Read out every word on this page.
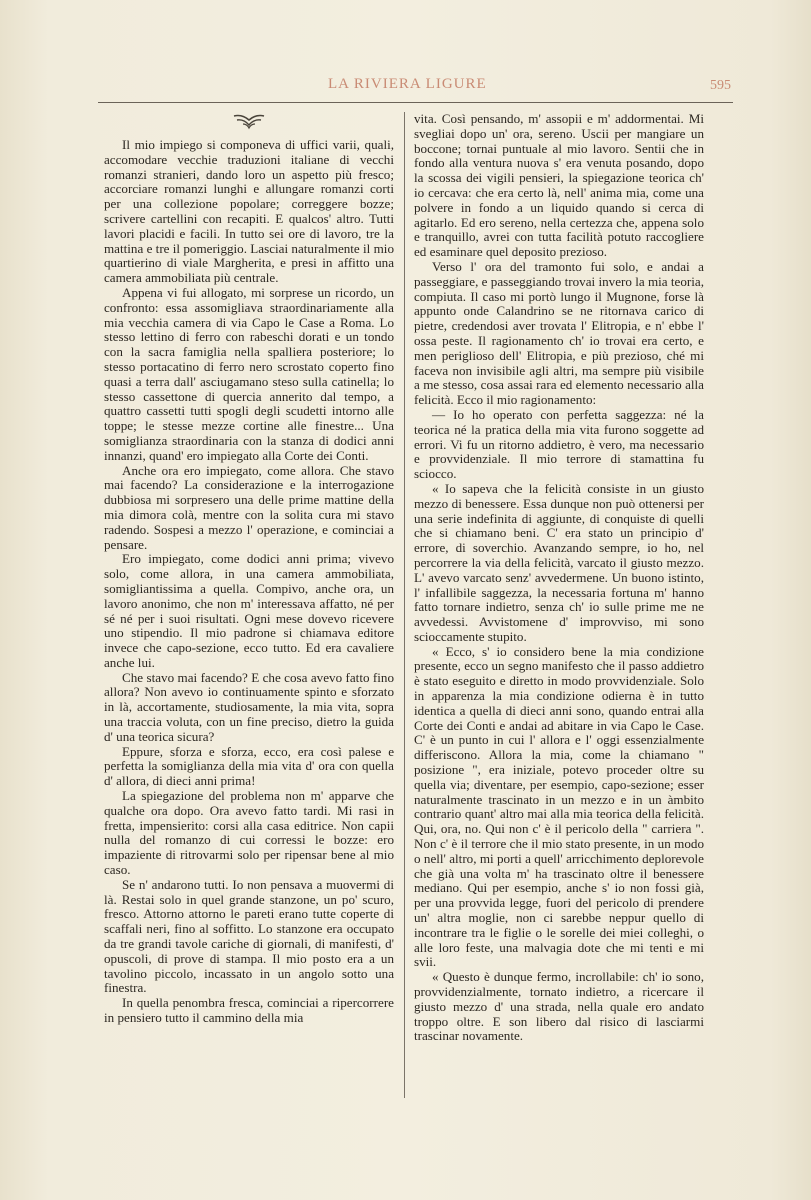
LA RIVIERA LIGURE	595

Il mio impiego si componeva di uffici varii, quali, accomodare vecchie traduzioni italiane di vecchi romanzi stranieri, dando loro un aspetto più fresco; accorciare romanzi lunghi e allungare romanzi corti per una collezione popolare; correggere bozze; scrivere cartellini con recapiti. E qualcos' altro. Tutti lavori placidi e facili. In tutto sei ore di lavoro, tre la mattina e tre il pomeriggio. Lasciai naturalmente il mio quartierino di viale Margherita, e presi in affitto una camera ammobiliata più centrale.

Appena vi fui allogato, mi sorprese un ricordo, un confronto: essa assomigliava straordinariamente alla mia vecchia camera di via Capo le Case a Roma. Lo stesso lettino di ferro con rabeschi dorati e un tondo con la sacra famiglia nella spalliera posteriore; lo stesso portacatino di ferro nero scrostato coperto fino quasi a terra dall' asciugamano steso sulla catinella; lo stesso cassettone di quercia annerito dal tempo, a quattro cassetti tutti spogli degli scudetti intorno alle toppe; le stesse mezze cortine alle finestre... Una somiglianza straordinaria con la stanza di dodici anni innanzi, quand' ero impiegato alla Corte dei Conti.

Anche ora ero impiegato, come allora. Che stavo mai facendo? La considerazione e la interrogazione dubbiosa mi sorpresero una delle prime mattine della mia dimora colà, mentre con la solita cura mi stavo radendo. Sospesi a mezzo l' operazione, e cominciai a pensare.

Ero impiegato, come dodici anni prima; vivevo solo, come allora, in una camera ammobiliata, somigliantissima a quella. Compivo, anche ora, un lavoro anonimo, che non m' interessava affatto, né per sé né per i suoi risultati. Ogni mese dovevo ricevere uno stipendio. Il mio padrone si chiamava editore invece che capo-sezione, ecco tutto. Ed era cavaliere anche lui.

Che stavo mai facendo? E che cosa avevo fatto fino allora? Non avevo io continuamente spinto e sforzato in là, accortamente, studiosamente, la mia vita, sopra una traccia voluta, con un fine preciso, dietro la guida d' una teorica sicura?

Eppure, sforza e sforza, ecco, era così palese e perfetta la somiglianza della mia vita d' ora con quella d' allora, di dieci anni prima!

La spiegazione del problema non m' apparve che qualche ora dopo. Ora avevo fatto tardi. Mi rasi in fretta, impensierito: corsi alla casa editrice. Non capii nulla del romanzo di cui corressi le bozze: ero impaziente di ritrovarmi solo per ripensar bene al mio caso.

Se n' andarono tutti. Io non pensava a muovermi di là. Restai solo in quel grande stanzone, un po' scuro, fresco. Attorno attorno le pareti erano tutte coperte di scaffali neri, fino al soffitto. Lo stanzone era occupato da tre grandi tavole cariche di giornali, di manifesti, d' opuscoli, di prove di stampa. Il mio posto era a un tavolino piccolo, incassato in un angolo sotto una finestra.

In quella penombra fresca, cominciai a ripercorrere in pensiero tutto il cammino della mia

vita. Così pensando, m' assopii e m' addormentai. Mi svegliai dopo un' ora, sereno. Uscii per mangiare un boccone; tornai puntuale al mio lavoro. Sentii che in fondo alla ventura nuova s' era venuta posando, dopo la scossa dei vigili pensieri, la spiegazione teorica ch' io cercava: che era certo là, nell' anima mia, come una polvere in fondo a un liquido quando si cerca di agitarlo. Ed ero sereno, nella certezza che, appena solo e tranquillo, avrei con tutta facilità potuto raccogliere ed esaminare quel deposito prezioso.

Verso l' ora del tramonto fui solo, e andai a passeggiare, e passeggiando trovai invero la mia teoria, compiuta. Il caso mi portò lungo il Mugnone, forse là appunto onde Calandrino se ne ritornava carico di pietre, credendosi aver trovata l' Elitropia, e n' ebbe l' ossa peste. Il ragionamento ch' io trovai era certo, e men periglioso dell' Elitropia, e più prezioso, ché mi faceva non invisibile agli altri, ma sempre più visibile a me stesso, cosa assai rara ed elemento necessario alla felicità. Ecco il mio ragionamento:

— Io ho operato con perfetta saggezza: né la teorica né la pratica della mia vita furono soggette ad errori. Vi fu un ritorno addietro, è vero, ma necessario e provvidenziale. Il mio terrore di stamattina fu sciocco.

« Io sapeva che la felicità consiste in un giusto mezzo di benessere. Essa dunque non può ottenersi per una serie indefinita di aggiunte, di conquiste di quelli che si chiamano beni. C' era stato un principio d' errore, di soverchio. Avanzando sempre, io ho, nel percorrere la via della felicità, varcato il giusto mezzo. L' avevo varcato senz' avvedermene. Un buono istinto, l' infallibile saggezza, la necessaria fortuna m' hanno fatto tornare indietro, senza ch' io sulle prime me ne avvedessi. Avvistomene d' improvviso, mi sono scioccamente stupito.

« Ecco, s' io considero bene la mia condizione presente, ecco un segno manifesto che il passo addietro è stato eseguito e diretto in modo provvidenziale. Solo in apparenza la mia condizione odierna è in tutto identica a quella di dieci anni sono, quando entrai alla Corte dei Conti e andai ad abitare in via Capo le Case. C' è un punto in cui l' allora e l' oggi essenzialmente differiscono. Allora la mia, come la chiamano " posizione ", era iniziale, potevo proceder oltre su quella via; diventare, per esempio, capo-sezione; esser naturalmente trascinato in un mezzo e in un àmbito contrario quant' altro mai alla mia teorica della felicità. Qui, ora, no. Qui non c' è il pericolo della " carriera ". Non c' è il terrore che il mio stato presente, in un modo o nell' altro, mi porti a quell' arricchimento deplorevole che già una volta m' ha trascinato oltre il benessere mediano. Qui per esempio, anche s' io non fossi già, per una provvida legge, fuori del pericolo di prendere un' altra moglie, non ci sarebbe neppur quello di incontrare tra le figlie o le sorelle dei miei colleghi, o alle loro feste, una malvagia dote che mi tenti e mi svii.

« Questo è dunque fermo, incrollabile: ch' io sono, provvidenzialmente, tornato indietro, a ricercare il giusto mezzo d' una strada, nella quale ero andato troppo oltre. E son libero dal risico di lasciarmi trascinar novamente.
